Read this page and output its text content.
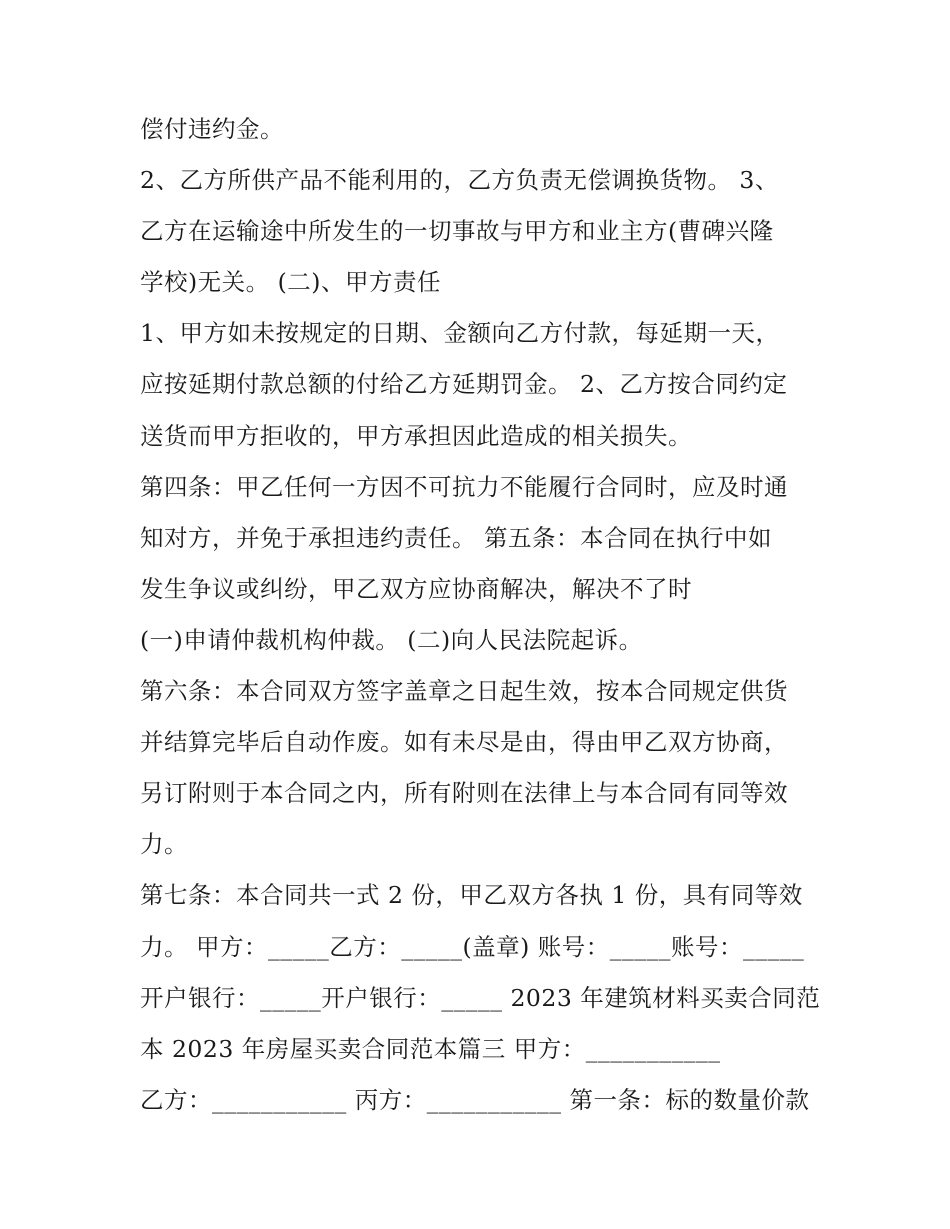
偿付违约金。
2、乙方所供产品不能利用的，乙方负责无偿调换货物。 3、
乙方在运输途中所发生的一切事故与甲方和业主方(曹碑兴隆
学校)无关。 (二)、甲方责任
1、甲方如未按规定的日期、金额向乙方付款，每延期一天，
应按延期付款总额的付给乙方延期罚金。 2、乙方按合同约定
送货而甲方拒收的，甲方承担因此造成的相关损失。
第四条：甲乙任何一方因不可抗力不能履行合同时，应及时通
知对方，并免于承担违约责任。 第五条：本合同在执行中如
发生争议或纠纷，甲乙双方应协商解决，解决不了时
(一)申请仲裁机构仲裁。 (二)向人民法院起诉。
第六条：本合同双方签字盖章之日起生效，按本合同规定供货
并结算完毕后自动作废。如有未尽是由，得由甲乙双方协商，
另订附则于本合同之内，所有附则在法律上与本合同有同等效
力。
第七条：本合同共一式 2 份，甲乙双方各执 1 份，具有同等效
力。 甲方：_____乙方：_____(盖章) 账号：_____账号：_____
开户银行：_____开户银行：_____ 2023 年建筑材料买卖合同范
本 2023 年房屋买卖合同范本篇三 甲方：___________
乙方：___________ 丙方：___________ 第一条：标的数量价款
